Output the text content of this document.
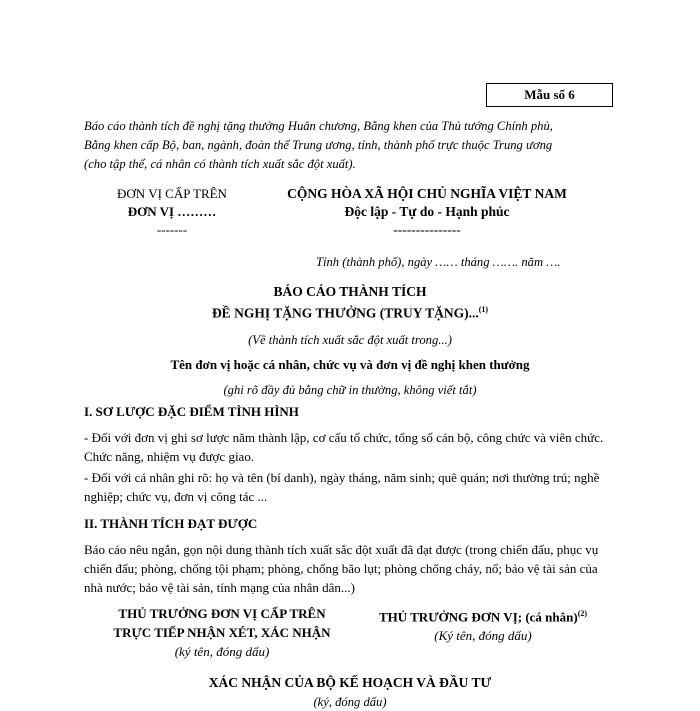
Mẫu số 6
Báo cáo thành tích đề nghị tặng thưởng Huân chương, Bằng khen của Thủ tướng Chính phủ,
Bằng khen cấp Bộ, ban, ngành, đoàn thể Trung ương, tỉnh, thành phố trực thuộc Trung ương
(cho tập thể, cá nhân có thành tích xuất sắc đột xuất).
ĐƠN VỊ CẤP TRÊN
ĐƠN VỊ ………
-------
CỘNG HÒA XÃ HỘI CHỦ NGHĨA VIỆT NAM
Độc lập - Tự do - Hạnh phúc
---------------
Tỉnh (thành phố), ngày …… tháng ……. năm ….
BÁO CÁO THÀNH TÍCH
ĐỀ NGHỊ TẶNG THƯỞNG (TRUY TẶNG)...$^{(1)}$
(Về thành tích xuất sắc đột xuất trong...)
Tên đơn vị hoặc cá nhân, chức vụ và đơn vị đề nghị khen thưởng
(ghi rõ đầy đủ bằng chữ in thường, không viết tắt)
I. SƠ LƯỢC ĐẶC ĐIỂM TÌNH HÌNH
- Đối với đơn vị ghi sơ lược năm thành lập, cơ cấu tổ chức, tổng số cán bộ, công chức và viên chức. Chức năng, nhiệm vụ được giao.
- Đối với cá nhân ghi rõ: họ và tên (bí danh), ngày tháng, năm sinh; quê quán; nơi thường trú; nghề nghiệp; chức vụ, đơn vị công tác ...
II. THÀNH TÍCH ĐẠT ĐƯỢC
Báo cáo nêu ngắn, gọn nội dung thành tích xuất sắc đột xuất đã đạt được (trong chiến đấu, phục vụ chiến đấu; phòng, chống tội phạm; phòng, chống bão lụt; phòng chống cháy, nổ; bảo vệ tài sản của nhà nước; bảo vệ tài sản, tính mạng của nhân dân...)
THỦ TRƯỞNG ĐƠN VỊ CẤP TRÊN
TRỰC TIẾP NHẬN XÉT, XÁC NHẬN
(ký tên, đóng dấu)
THỦ TRƯỞNG ĐƠN VỊ; (cá nhân)$^{(2)}$
(Ký tên, đóng dấu)
XÁC NHẬN CỦA BỘ KẾ HOẠCH VÀ ĐẦU TƯ
(ký, đóng dấu)
